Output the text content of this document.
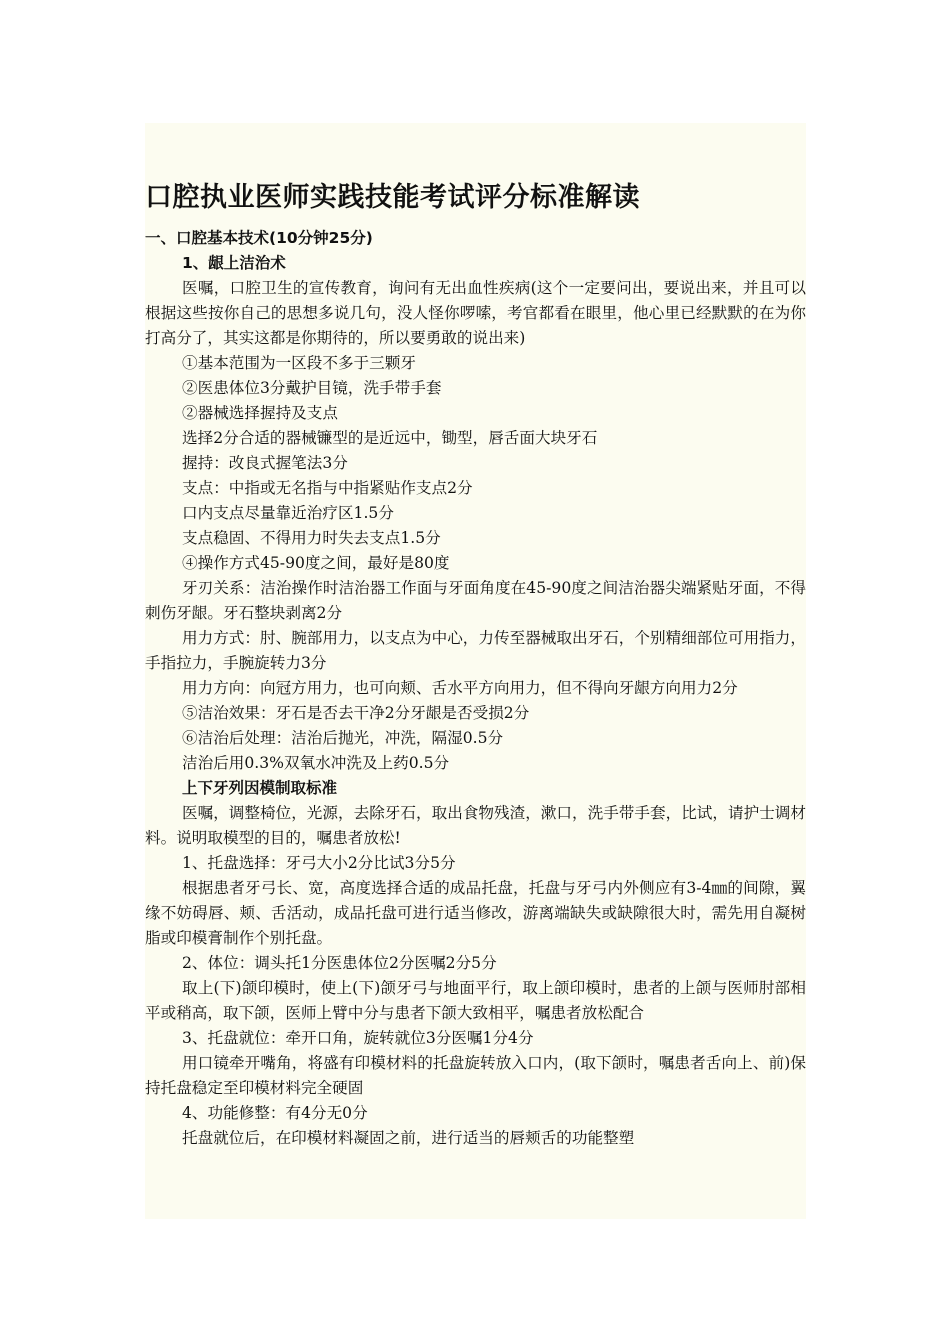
口腔执业医师实践技能考试评分标准解读

一、口腔基本技术(10分钟25分)

1、龈上洁治术

医嘱，口腔卫生的宣传教育，询问有无出血性疾病(这个一定要问出，要说出来，并且可以根据这些按你自己的思想多说几句，没人怪你啰嗦，考官都看在眼里，他心里已经默默的在为你打高分了，其实这都是你期待的，所以要勇敢的说出来)

①基本范围为一区段不多于三颗牙

②医患体位3分戴护目镜，洗手带手套

②器械选择握持及支点

选择2分合适的器械镰型的是近远中，锄型，唇舌面大块牙石

握持：改良式握笔法3分

支点：中指或无名指与中指紧贴作支点2分

口内支点尽量靠近治疗区1.5分

支点稳固、不得用力时失去支点1.5分

④操作方式45-90度之间，最好是80度

牙刃关系：洁治操作时洁治器工作面与牙面角度在45-90度之间洁治器尖端紧贴牙面，不得刺伤牙龈。牙石整块剥离2分

用力方式：肘、腕部用力，以支点为中心，力传至器械取出牙石，个别精细部位可用指力，手指拉力，手腕旋转力3分

用力方向：向冠方用力，也可向颊、舌水平方向用力，但不得向牙龈方向用力2分

⑤洁治效果：牙石是否去干净2分牙龈是否受损2分

⑥洁治后处理：洁治后抛光，冲洗，隔湿0.5分

洁治后用0.3%双氧水冲洗及上药0.5分

上下牙列因模制取标准

医嘱，调整椅位，光源，去除牙石，取出食物残渣，漱口，洗手带手套，比试，请护士调材料。说明取模型的目的，嘱患者放松!

1、托盘选择：牙弓大小2分比试3分5分

根据患者牙弓长、宽，高度选择合适的成品托盘，托盘与牙弓内外侧应有3-4㎜的间隙，翼缘不妨碍唇、颊、舌活动，成品托盘可进行适当修改，游离端缺失或缺隙很大时，需先用自凝树脂或印模膏制作个别托盘。

2、体位：调头托1分医患体位2分医嘱2分5分

取上(下)颌印模时，使上(下)颌牙弓与地面平行，取上颌印模时，患者的上颌与医师肘部相平或稍高，取下颌，医师上臂中分与患者下颌大致相平，嘱患者放松配合

3、托盘就位：牵开口角，旋转就位3分医嘱1分4分

用口镜牵开嘴角，将盛有印模材料的托盘旋转放入口内，(取下颌时，嘱患者舌向上、前)保持托盘稳定至印模材料完全硬固

4、功能修整：有4分无0分

托盘就位后，在印模材料凝固之前，进行适当的唇颊舌的功能整塑
